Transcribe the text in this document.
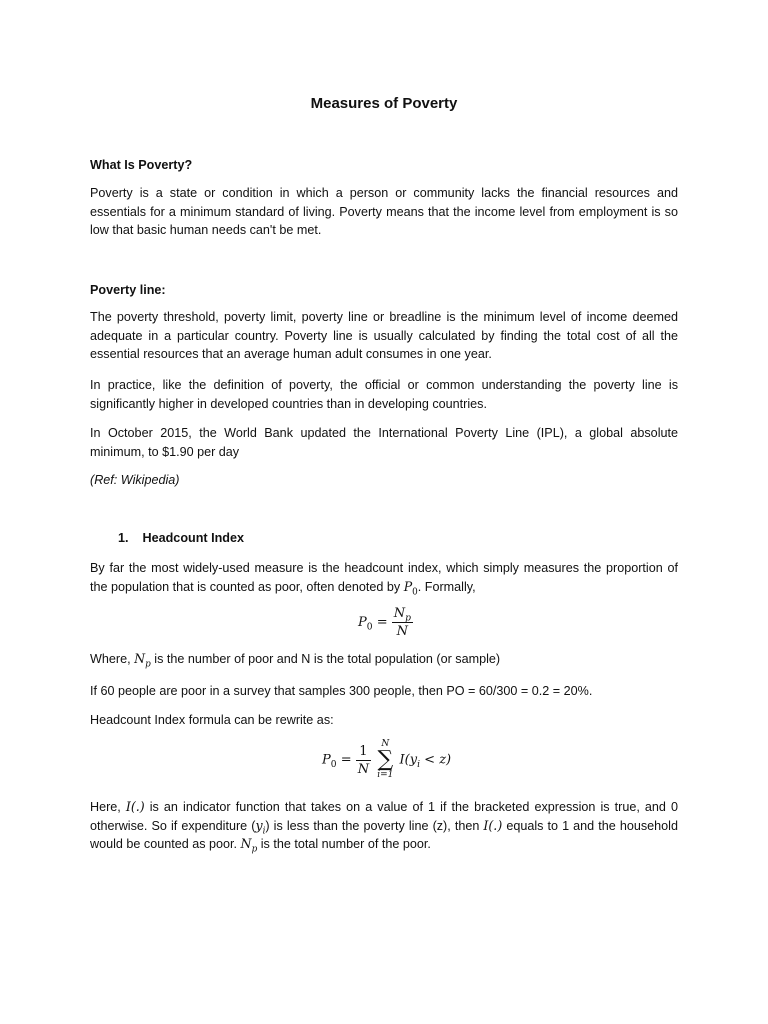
Measures of Poverty

What Is Poverty?

Poverty is a state or condition in which a person or community lacks the financial resources and essentials for a minimum standard of living. Poverty means that the income level from employment is so low that basic human needs can't be met.

Poverty line:

The poverty threshold, poverty limit, poverty line or breadline is the minimum level of income deemed adequate in a particular country. Poverty line is usually calculated by finding the total cost of all the essential resources that an average human adult consumes in one year.

In practice, like the definition of poverty, the official or common understanding the poverty line is significantly higher in developed countries than in developing countries.

In October 2015, the World Bank updated the International Poverty Line (IPL), a global absolute minimum, to $1.90 per day

(Ref: Wikipedia)

1. Headcount Index

By far the most widely-used measure is the headcount index, which simply measures the proportion of the population that is counted as poor, often denoted by $P_0$. Formally,

$P_0 = \frac{N_p}{N}$

Where, $N_p$ is the number of poor and N is the total population (or sample)

If 60 people are poor in a survey that samples 300 people, then PO = 60/300 = 0.2 = 20%.

Headcount Index formula can be rewrite as:

$P_0 = \frac{1}{N}$
	N
∑
i=1
$I(y_i < z)$

Here, I(.) is an indicator function that takes on a value of 1 if the bracketed expression is true, and 0 otherwise. So if expenditure $(y_i)$ is less than the poverty line (z), then I(.) equals to 1 and the household would be counted as poor. $N_p$ is the total number of the poor.
